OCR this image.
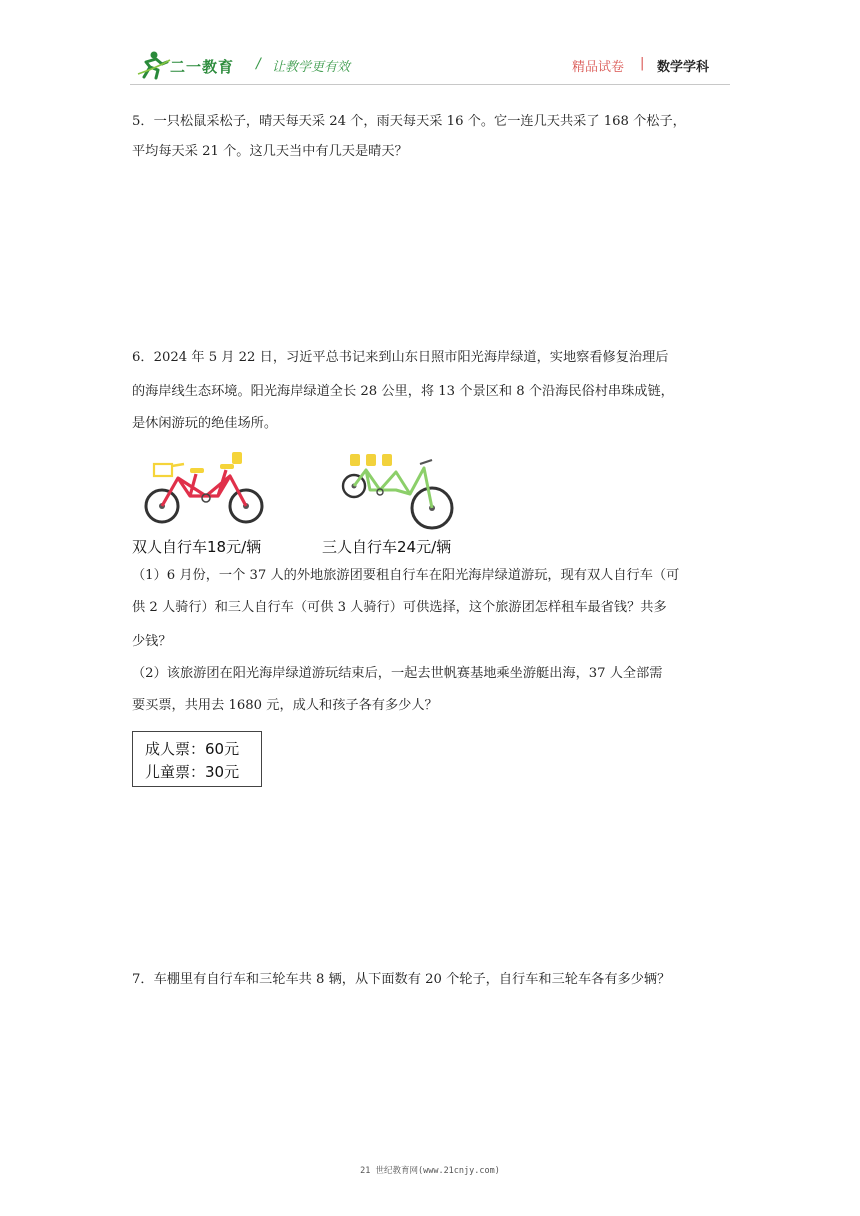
二一教育 / 让教学更有效	精品试卷 | 数学学科
5．一只松鼠采松子，晴天每天采 24 个，雨天每天采 16 个。它一连几天共采了 168 个松子，
平均每天采 21 个。这几天当中有几天是晴天？
6．2024 年 5 月 22 日，习近平总书记来到山东日照市阳光海岸绿道，实地察看修复治理后
的海岸线生态环境。阳光海岸绿道全长 28 公里，将 13 个景区和 8 个沿海民俗村串珠成链，
是休闲游玩的绝佳场所。
双人自行车18元/辆	三人自行车24元/辆
（1）6 月份，一个 37 人的外地旅游团要租自行车在阳光海岸绿道游玩，现有双人自行车（可
供 2 人骑行）和三人自行车（可供 3 人骑行）可供选择，这个旅游团怎样租车最省钱？共多
少钱？
（2）该旅游团在阳光海岸绿道游玩结束后，一起去世帆赛基地乘坐游艇出海，37 人全部需
要买票，共用去 1680 元，成人和孩子各有多少人？
成人票：60元
儿童票：30元
7．车棚里有自行车和三轮车共 8 辆，从下面数有 20 个轮子，自行车和三轮车各有多少辆？
21 世纪教育网(www.21cnjy.com)
